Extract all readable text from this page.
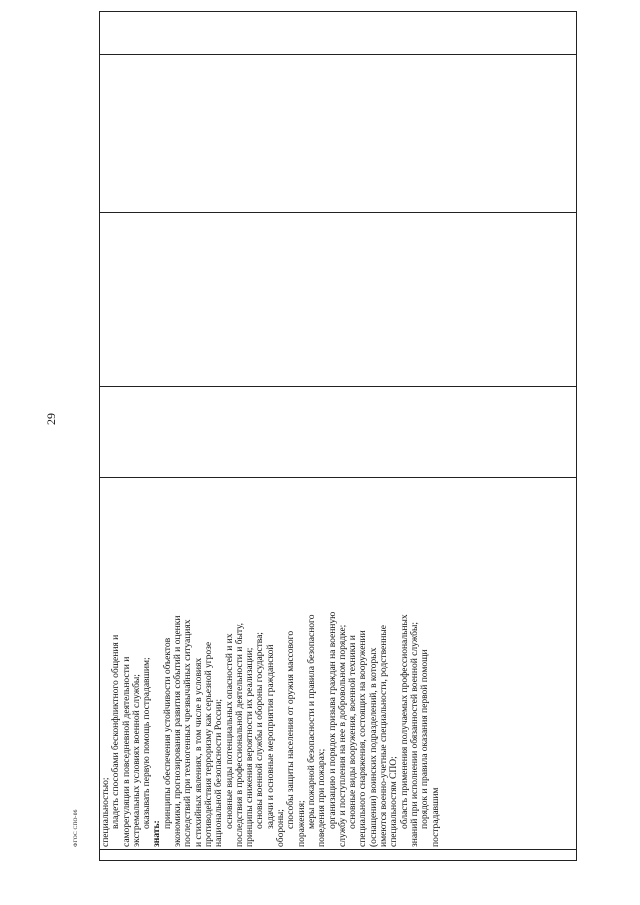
29

специальностью; владеть способами бесконфликтного общения и саморегуляции в повседневной деятельности и экстремальных условиях военной службы; оказывать первую помощь пострадавшим;
знать:
принципы обеспечения устойчивости объектов экономики, прогнозирования развития событий и оценки последствий при техногенных чрезвычайных ситуациях и стихийных явлениях, в том числе в условиях противодействия терроризму как серьезной угрозе национальной безопасности России; основные виды потенциальных опасностей и их последствия в профессиональной деятельности и быту, принципы снижения вероятности их реализации; основы военной службы и обороны государства; задачи и основные мероприятия гражданской обороны; способы защиты населения от оружия массового поражения; меры пожарной безопасности и правила безопасного поведения при пожарах; организацию и порядок призыва граждан на военную службу и поступления на нее в добровольном порядке; основные виды вооружения, военной техники и специального снаряжения, состоящих на вооружении (оснащении) воинских подразделений, в которых имеются военно-учетные специальности, родственные специальностям СПО; область применения получаемых профессиональных знаний при исполнении обязанностей военной службы; порядок и правила оказания первой помощи пострадавшим

ФГОС СПО-06
